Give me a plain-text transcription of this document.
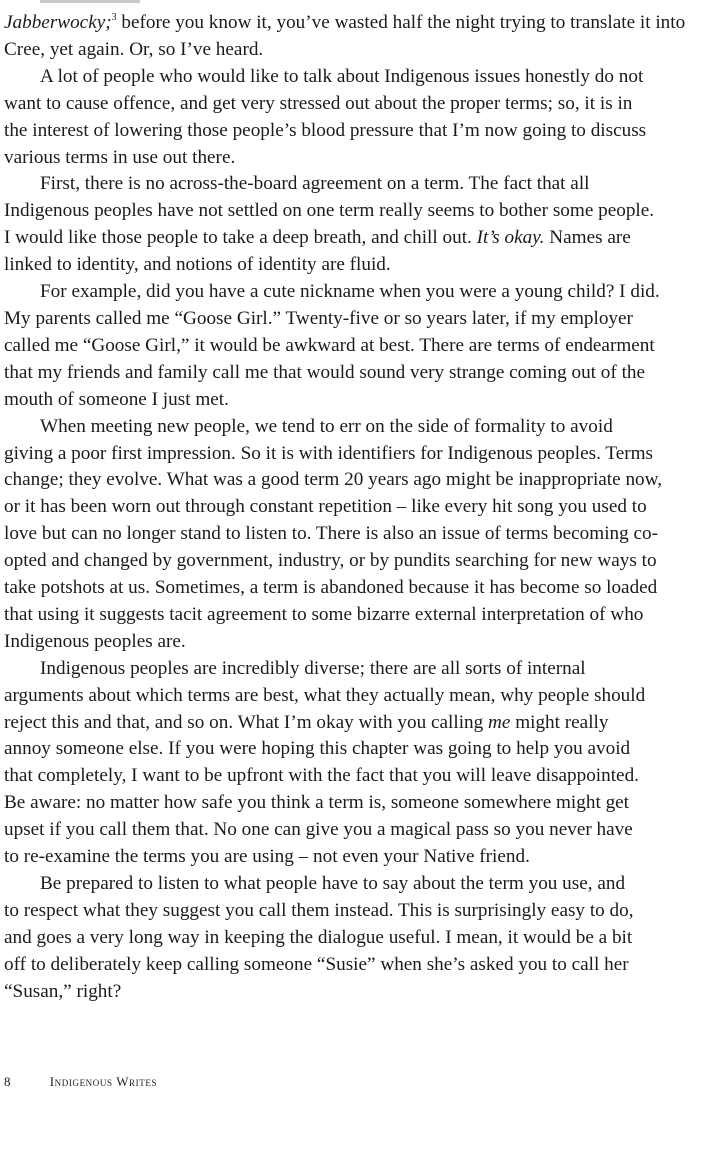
Jabberwocky;$^3$ before you know it, you’ve wasted half the night trying to translate it into
Cree, yet again. Or, so I’ve heard.

A lot of people who would like to talk about Indigenous issues honestly do not
want to cause offence, and get very stressed out about the proper terms; so, it is in
the interest of lowering those people’s blood pressure that I’m now going to discuss
various terms in use out there.

First, there is no across-the-board agreement on a term. The fact that all
Indigenous peoples have not settled on one term really seems to bother some people.
I would like those people to take a deep breath, and chill out. It’s okay. Names are
linked to identity, and notions of identity are fluid.

For example, did you have a cute nickname when you were a young child? I did.
My parents called me “Goose Girl.” Twenty-five or so years later, if my employer
called me “Goose Girl,” it would be awkward at best. There are terms of endearment
that my friends and family call me that would sound very strange coming out of the
mouth of someone I just met.

When meeting new people, we tend to err on the side of formality to avoid
giving a poor first impression. So it is with identifiers for Indigenous peoples. Terms
change; they evolve. What was a good term 20 years ago might be inappropriate now,
or it has been worn out through constant repetition – like every hit song you used to
love but can no longer stand to listen to. There is also an issue of terms becoming co-
opted and changed by government, industry, or by pundits searching for new ways to
take potshots at us. Sometimes, a term is abandoned because it has become so loaded
that using it suggests tacit agreement to some bizarre external interpretation of who
Indigenous peoples are.

Indigenous peoples are incredibly diverse; there are all sorts of internal
arguments about which terms are best, what they actually mean, why people should
reject this and that, and so on. What I’m okay with you calling me might really
annoy someone else. If you were hoping this chapter was going to help you avoid
that completely, I want to be upfront with the fact that you will leave disappointed.
Be aware: no matter how safe you think a term is, someone somewhere might get
upset if you call them that. No one can give you a magical pass so you never have
to re-examine the terms you are using – not even your Native friend.

Be prepared to listen to what people have to say about the term you use, and
to respect what they suggest you call them instead. This is surprisingly easy to do,
and goes a very long way in keeping the dialogue useful. I mean, it would be a bit
off to deliberately keep calling someone “Susie” when she’s asked you to call her
“Susan,” right?

8	Indigenous Writes
